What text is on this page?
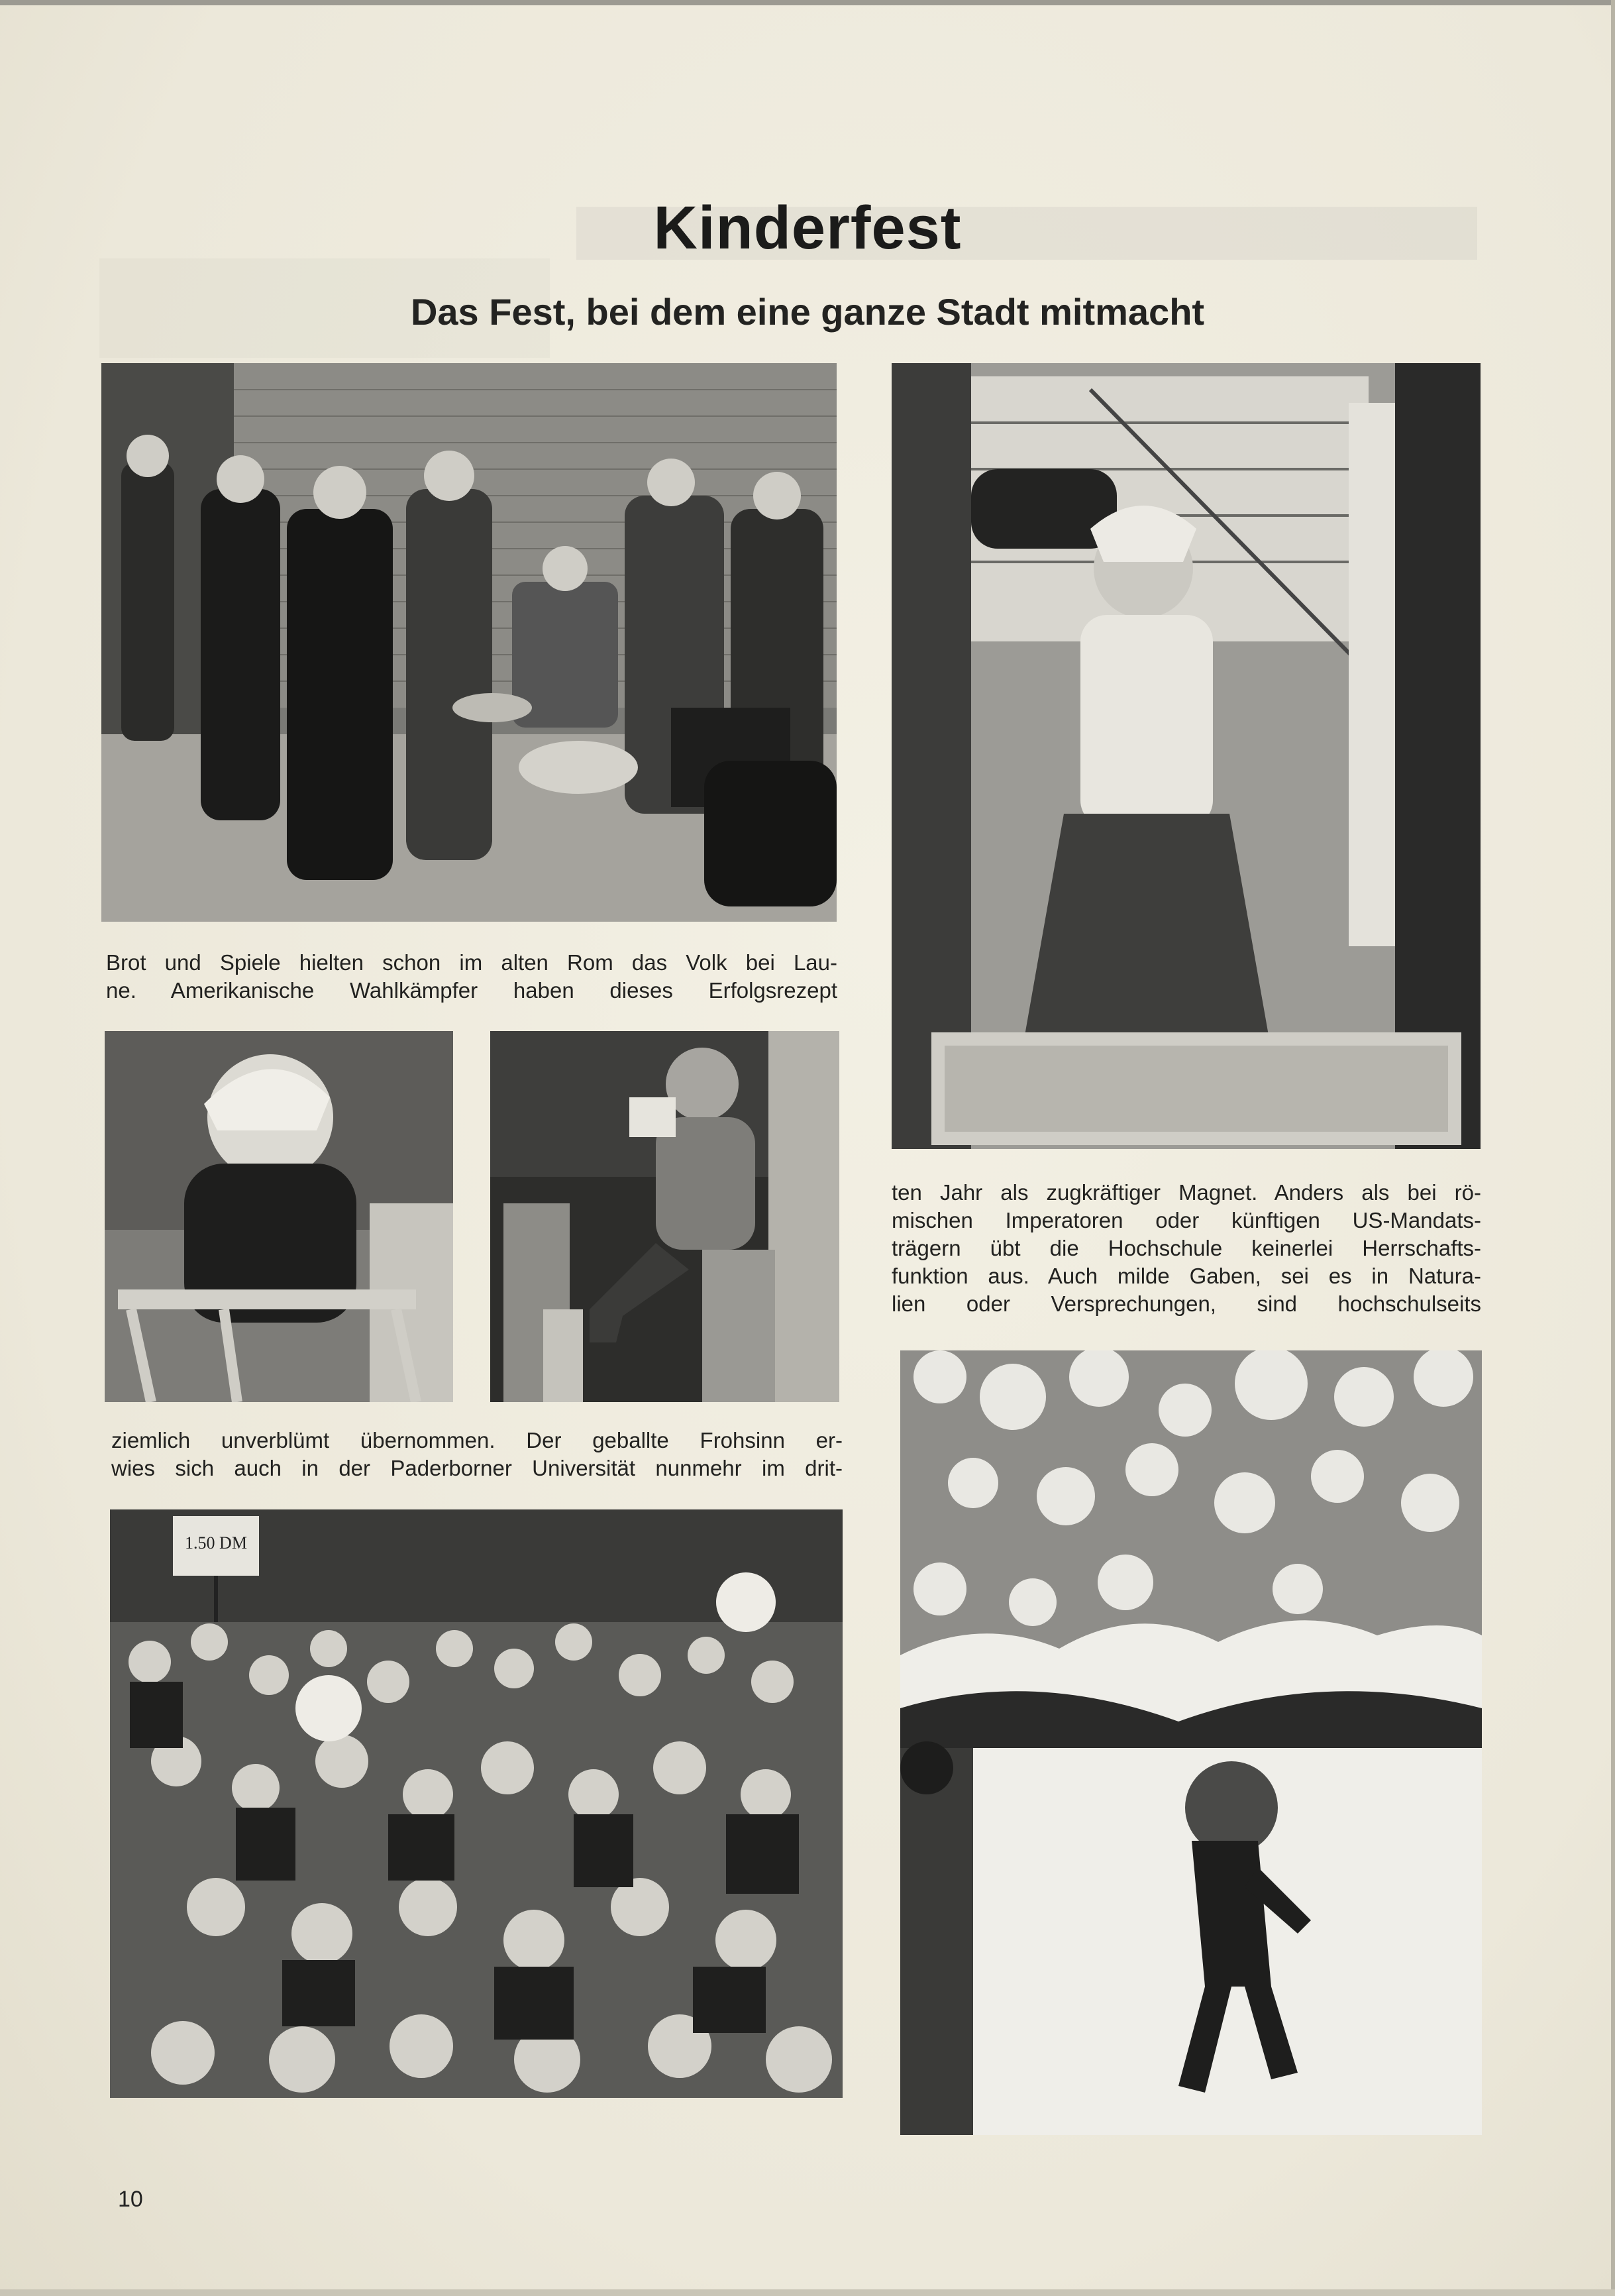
Kinderfest
Das Fest, bei dem eine ganze Stadt mitmacht
Brot und Spiele hielten schon im alten Rom das Volk bei Lau-
ne. Amerikanische Wahlkämpfer haben dieses Erfolgsrezept
ziemlich unverblümt übernommen. Der geballte Frohsinn er-
wies sich auch in der Paderborner Universität nunmehr im drit-
ten Jahr als zugkräftiger Magnet. Anders als bei rö-
mischen Imperatoren oder künftigen US-Mandats-
trägern übt die Hochschule keinerlei Herrschafts-
funktion aus. Auch milde Gaben, sei es in Natura-
lien oder Versprechungen, sind hochschulseits
1.50 DM
10
